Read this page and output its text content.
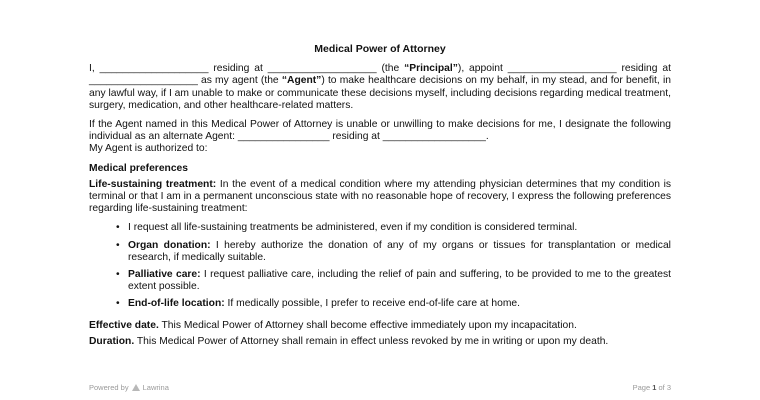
Medical Power of Attorney

I, ___________________ residing at ___________________ (the “Principal”), appoint ___________________ residing at ___________________ as my agent (the “Agent”) to make healthcare decisions on my behalf, in my stead, and for benefit, in any lawful way, if I am unable to make or communicate these decisions myself, including decisions regarding medical treatment, surgery, medication, and other healthcare-related matters.

If the Agent named in this Medical Power of Attorney is unable or unwilling to make decisions for me, I designate the following individual as an alternate Agent: ________________ residing at __________________.

My Agent is authorized to:

Medical preferences

Life-sustaining treatment: In the event of a medical condition where my attending physician determines that my condition is terminal or that I am in a permanent unconscious state with no reasonable hope of recovery, I express the following preferences regarding life-sustaining treatment:

• I request all life-sustaining treatments be administered, even if my condition is considered terminal.
• Organ donation: I hereby authorize the donation of any of my organs or tissues for transplantation or medical research, if medically suitable.
• Palliative care: I request palliative care, including the relief of pain and suffering, to be provided to me to the greatest extent possible.
• End-of-life location: If medically possible, I prefer to receive end-of-life care at home.

Effective date. This Medical Power of Attorney shall become effective immediately upon my incapacitation.

Duration. This Medical Power of Attorney shall remain in effect unless revoked by me in writing or upon my death.

Powered by Lawrina	Page 1 of 3
